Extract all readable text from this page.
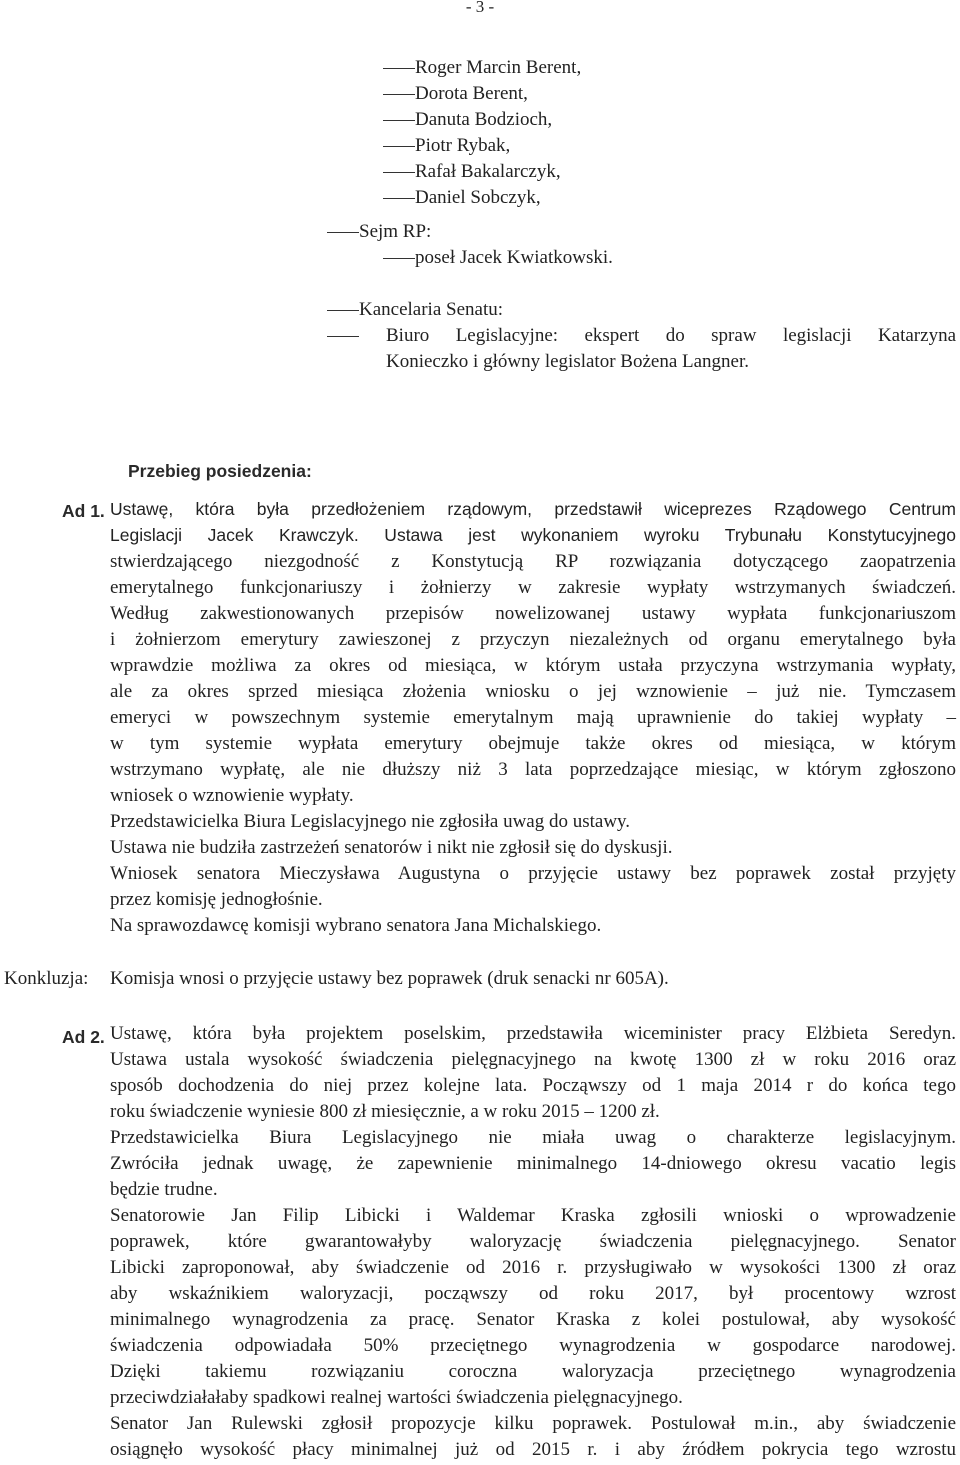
- 3 -
Roger Marcin Berent,
Dorota Berent,
Danuta Bodzioch,
Piotr Rybak,
Rafał Bakalarczyk,
Daniel Sobczyk,
Sejm RP:
poseł Jacek Kwiatkowski.
Kancelaria Senatu:
Biuro Legislacyjne: ekspert do spraw legislacji Katarzyna
Konieczko i główny legislator Bożena Langner.
Przebieg posiedzenia:
Ad 1. Ustawę, która była przedłożeniem rządowym, przedstawił wiceprezes Rządowego Centrum

Legislacji Jacek Krawczyk. Ustawa jest wykonaniem wyroku Trybunału Konstytucyjnego

stwierdzającego niezgodność z Konstytucją RP rozwiązania dotyczącego zaopatrzenia

emerytalnego funkcjonariuszy i żołnierzy w zakresie wypłaty wstrzymanych świadczeń.

Według zakwestionowanych przepisów nowelizowanej ustawy wypłata funkcjonariuszom

i żołnierzom emerytury zawieszonej z przyczyn niezależnych od organu emerytalnego była

wprawdzie możliwa za okres od miesiąca, w którym ustała przyczyna wstrzymania wypłaty,

ale za okres sprzed miesiąca złożenia wniosku o jej wznowienie – już nie. Tymczasem

emeryci w powszechnym systemie emerytalnym mają uprawnienie do takiej wypłaty –

w tym systemie wypłata emerytury obejmuje także okres od miesiąca, w którym

wstrzymano wypłatę, ale nie dłuższy niż 3 lata poprzedzające miesiąc, w którym zgłoszono

wniosek o wznowienie wypłaty.

Przedstawicielka Biura Legislacyjnego nie zgłosiła uwag do ustawy.

Ustawa nie budziła zastrzeżeń senatorów i nikt nie zgłosił się do dyskusji.

Wniosek senatora Mieczysława Augustyna o przyjęcie ustawy bez poprawek został przyjęty

przez komisję jednogłośnie.

Na sprawozdawcę komisji wybrano senatora Jana Michalskiego.

Konkluzja: Komisja wnosi o przyjęcie ustawy bez poprawek (druk senacki nr 605A).
Ad 2. Ustawę, która była projektem poselskim, przedstawiła wiceminister pracy Elżbieta Seredyn.

Ustawa ustala wysokość świadczenia pielęgnacyjnego na kwotę 1300 zł w roku 2016 oraz

sposób dochodzenia do niej przez kolejne lata. Począwszy od 1 maja 2014 r do końca tego

roku świadczenie wyniesie 800 zł miesięcznie, a w roku 2015 – 1200 zł.

Przedstawicielka Biura Legislacyjnego nie miała uwag o charakterze legislacyjnym.

Zwróciła jednak uwagę, że zapewnienie minimalnego 14-dniowego okresu vacatio legis

będzie trudne.

Senatorowie Jan Filip Libicki i Waldemar Kraska zgłosili wnioski o wprowadzenie

poprawek, które gwarantowałyby waloryzację świadczenia pielęgnacyjnego. Senator

Libicki zaproponował, aby świadczenie od 2016 r. przysługiwało w wysokości 1300 zł oraz

aby wskaźnikiem waloryzacji, począwszy od roku 2017, był procentowy wzrost

minimalnego wynagrodzenia za pracę. Senator Kraska z kolei postulował, aby wysokość

świadczenia odpowiadała 50% przeciętnego wynagrodzenia w gospodarce narodowej.

Dzięki takiemu rozwiązaniu coroczna waloryzacja przeciętnego wynagrodzenia

przeciwdziałałaby spadkowi realnej wartości świadczenia pielęgnacyjnego.

Senator Jan Rulewski zgłosił propozycje kilku poprawek. Postulował m.in., aby świadczenie

osiągnęło wysokość płacy minimalnej już od 2015 r. i aby źródłem pokrycia tego wzrostu
